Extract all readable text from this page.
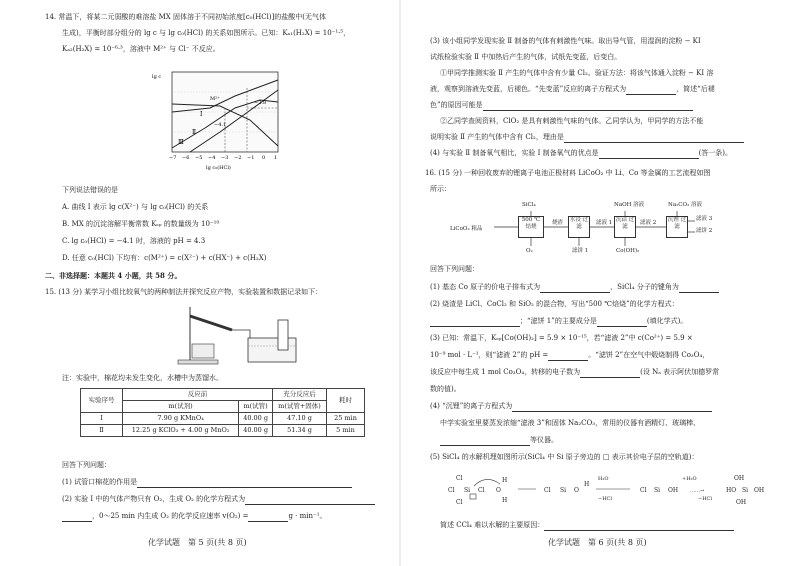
14. 常温下，将某二元弱酸的难溶盐 MX 固体溶于不同初始浓度[c₀(HCl)]的盐酸中(无气体
生成)，平衡时部分组分的 lg c 与 lg c₀(HCl) 的关系如图所示。已知：Kₐ₁(H₂X) = 10⁻¹·⁵，
Kₐ₂(H₂X) = 10⁻⁶·³，溶液中 M²⁺ 与 Cl⁻ 不反应。
M²⁺
Ⅰ
Ⅱ
Ⅲ
−2.8
−4.1
−7 −6 −5 −4 −3 −2 −1 0 1
lg c₀(HCl)
lg c
下列说法错误的是
A. 曲线 Ⅰ 表示 lg c(X²⁻) 与 lg c₀(HCl) 的关系
B. MX 的沉淀溶解平衡常数 Kₛₚ 的数量级为 10⁻¹⁰
C. lg c₀(HCl) = −4.1 时，溶液的 pH = 4.3
D. 任意 c₀(HCl) 下均有：c(M²⁺) = c(X²⁻) + c(HX⁻) + c(H₂X)
二、非选择题：本题共 4 小题，共 58 分。
15. (13 分) 某学习小组比较氧气的两种制法并探究反应产物，实验装置和数据记录如下：
注：实验中，棉花均未发生变化，水槽中为蒸馏水。
实验序号	反应前		充分反应后	耗时
	m(试剂)	m(试管)	m(试管+固体)	
Ⅰ	7.90 g KMnO₄	40.00 g	47.10 g	25 min
Ⅱ	12.25 g KClO₃ + 4.00 g MnO₂	40.00 g	51.34 g	5 min
回答下列问题：
(1) 试管口棉花的作用是
(2) 实验 Ⅰ 中的气体产物只有 O₂，生成 O₂ 的化学方程式为
，0～25 min 内生成 O₂ 的化学反应速率 v(O₂) =	g · min⁻¹。
化学试题　第 5 页(共 8 页)
(3) 该小组同学发现实验 Ⅱ 制备的气体有刺激性气味。取出导气管，用湿润的淀粉 − KI
试纸检验实验 Ⅱ 中加热后产生的气体，试纸先变蓝，后变白。
①甲同学推测实验 Ⅱ 产生的气体中含有少量 Cl₂。验证方法：将该气体通入淀粉 − KI 溶
液，观察到溶液先变蓝，后褪色。“先变蓝”反应的离子方程式为	，简述“后褪
色”的原因可能是
②乙同学查阅资料，ClO₂ 是具有刺激性气味的气体。乙同学认为，甲同学的方法不能
说明实验 Ⅱ 产生的气体中含有 Cl₂，理由是
(4) 与实验 Ⅱ 制备氧气相比，实验 Ⅰ 制备氧气的优点是	(答一条)。
16. (15 分) 一种回收废弃的锂离子电池正极材料 LiCoO₂ 中 Li、Co 等金属的工艺流程如图
所示：
LiCoO₂ 粗品
SiCl₄
500 ℃ 焙烧
烧渣	水浸 过滤
滤液 1
NaOH 溶液
沉钴 过滤
滤液 2
Na₂CO₃ 溶液
沉锂 过滤
滤液 3
滤饼 2
O₂	滤饼 1	Co(OH)₂
回答下列问题：
(1) 基态 Co 原子的价电子排布式为	，SiCl₄ 分子的键角为
(2) 烧渣是 LiCl、CoCl₂ 和 SiO₂ 的混合物，写出“500 ℃焙烧”的化学方程式：
；“滤饼 1”的主要成分是	(填化学式)。
(3) 已知：常温下，Kₛₚ[Co(OH)₂] = 5.9 × 10⁻¹⁵，若“滤液 2”中 c(Co²⁺) = 5.9 ×
10⁻⁹ mol · L⁻¹，则“滤液 2”的 pH =	。“滤饼 2”在空气中煅烧制得 Co₃O₄，
该反应中每生成 1 mol Co₃O₄，转移的电子数为	(设 Nₐ 表示阿伏加德罗常
数的值)。
(4) “沉锂”的离子方程式为
中学实验室里要蒸发浓缩“滤液 3”和固体 Na₂CO₃，常用的仪器有酒精灯、玻璃棒、
等仪器。
(5) SiCl₄ 的水解机理如图所示(SiCl₄ 中 Si 原子旁边的 □ 表示其价电子层的空轨道)：
Cl
Cl Si
Cl
Cl O
H
H
Cl Si O
H
Cl Si OH
OH
HO Si OH
OH
H₂O
−HCl
+H₂O
−HCl
……→
简述 CCl₄ 难以水解的主要原因：
化学试题　第 6 页(共 8 页)
